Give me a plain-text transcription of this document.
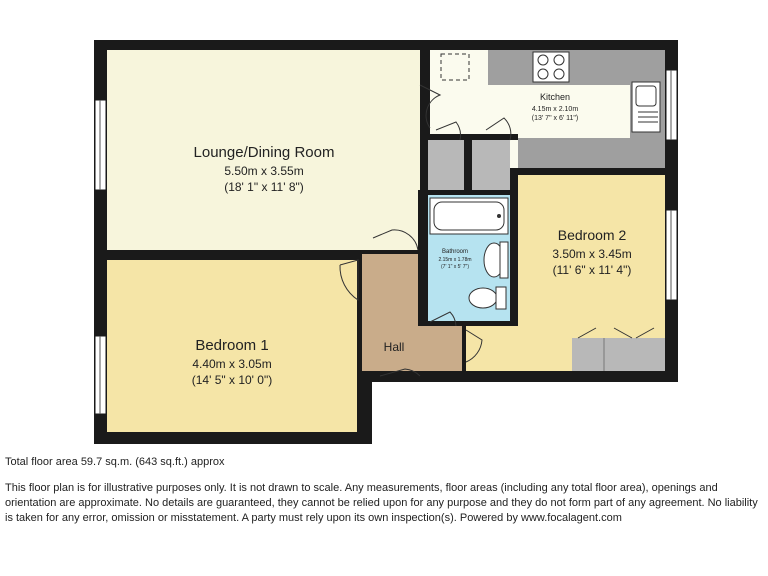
Lounge/Dining Room
5.50m x 3.55m
(18' 1" x 11' 8")
Kitchen
4.15m x 2.10m
(13' 7" x 6' 11")
Bathroom
2.15m x 1.78m
(7' 1" x 5' 7")
Bedroom 2
3.50m x 3.45m
(11' 6" x 11' 4")
Bedroom 1
4.40m x 3.05m
(14' 5" x 10' 0")
Hall
Total floor area 59.7 sq.m. (643 sq.ft.) approx
This floor plan is for illustrative purposes only. It is not drawn to scale. Any measurements, floor areas (including any total floor area), openings and orientation are approximate. No details are guaranteed, they cannot be relied upon for any purpose and they do not form part of any agreement. No liability is taken for any error, omission or misstatement. A party must rely upon its own inspection(s). Powered by www.focalagent.com
